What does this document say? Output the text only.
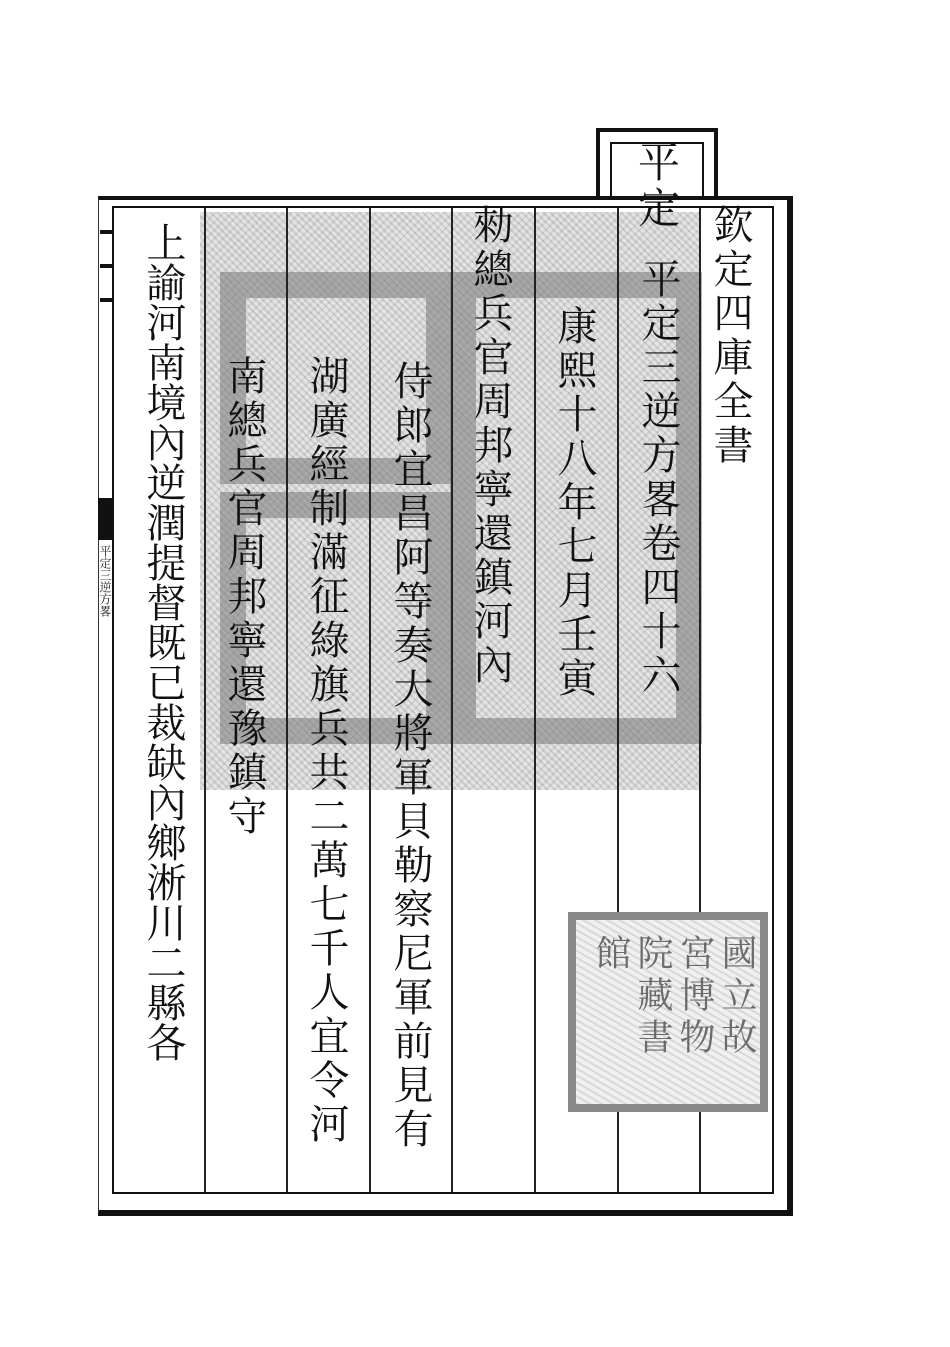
國立故
宮博物
院藏書
館
平定
欽定四庫全書
平定三逆方畧卷四十六
康熙十八年七月壬寅
勑總兵官周邦寧還鎮河內
侍郎宜昌阿等奏大將軍貝勒察尼軍前見有
湖廣經制滿征綠旗兵共二萬七千人宜令河
南總兵官周邦寧還豫鎮守
上諭河南境內逆潤提督既已裁缺內鄉淅川二縣各
平定三逆方畧
